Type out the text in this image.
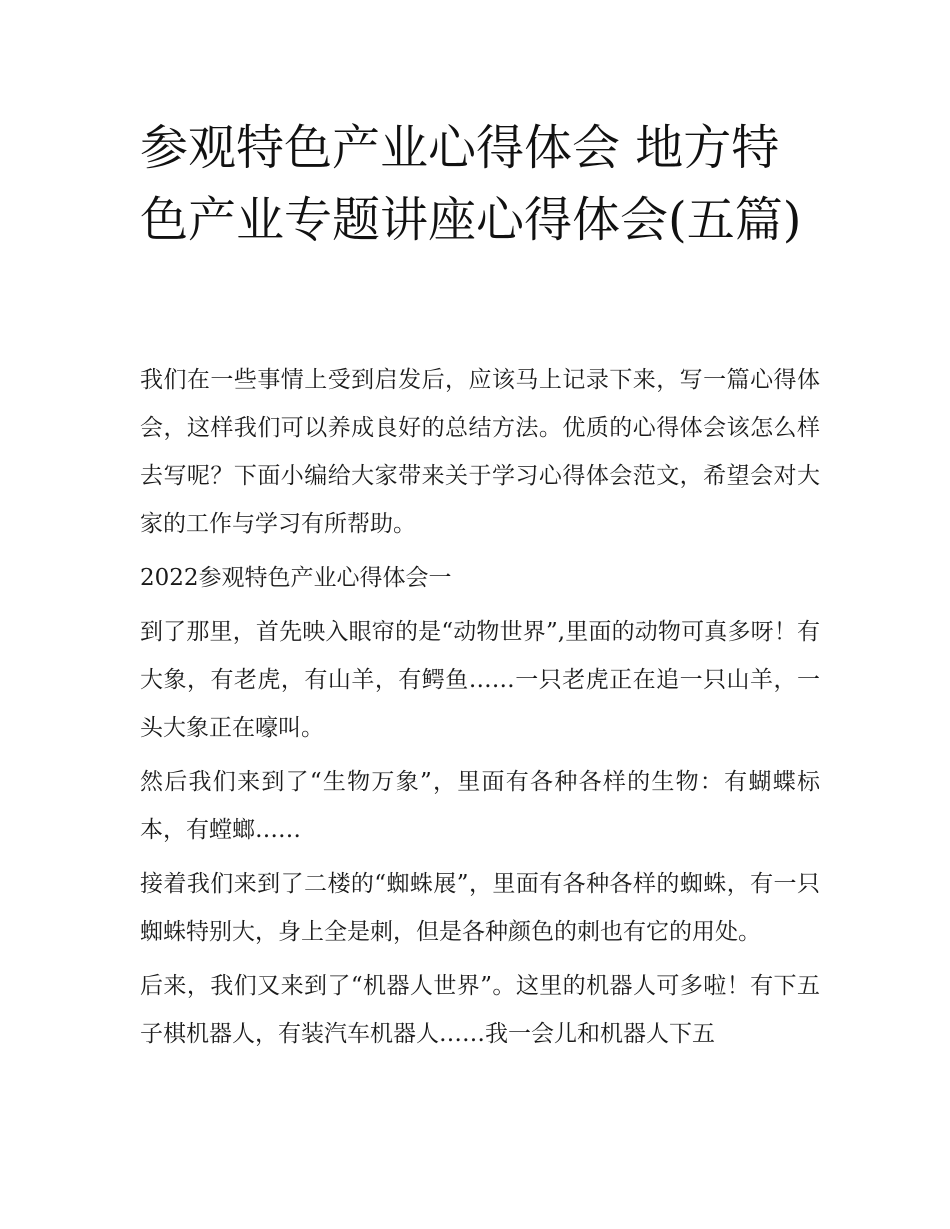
参观特色产业心得体会 地方特色产业专题讲座心得体会(五篇)

我们在一些事情上受到启发后，应该马上记录下来，写一篇心得体会，这样我们可以养成良好的总结方法。优质的心得体会该怎么样去写呢？下面小编给大家带来关于学习心得体会范文，希望会对大家的工作与学习有所帮助。

2022参观特色产业心得体会一

到了那里，首先映入眼帘的是“动物世界”,里面的动物可真多呀！有大象，有老虎，有山羊，有鳄鱼……一只老虎正在追一只山羊，一头大象正在嚎叫。

然后我们来到了“生物万象”，里面有各种各样的生物：有蝴蝶标本，有螳螂……

接着我们来到了二楼的“蜘蛛展”，里面有各种各样的蜘蛛，有一只蜘蛛特别大，身上全是刺，但是各种颜色的刺也有它的用处。

后来，我们又来到了“机器人世界”。这里的机器人可多啦！有下五子棋机器人，有装汽车机器人……我一会儿和机器人下五
